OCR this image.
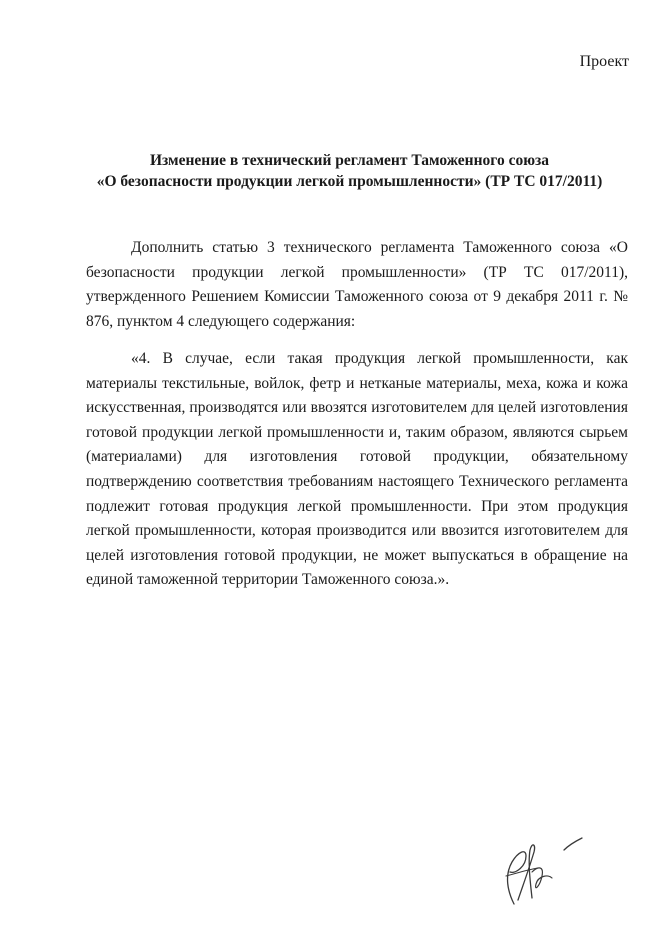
Проект
Изменение в технический регламент Таможенного союза
«О безопасности продукции легкой промышленности» (ТР ТС 017/2011)

Дополнить статью 3 технического регламента Таможенного союза «О безопасности продукции легкой промышленности» (ТР ТС 017/2011), утвержденного Решением Комиссии Таможенного союза от 9 декабря 2011 г. № 876, пунктом 4 следующего содержания:

«4. В случае, если такая продукция легкой промышленности, как материалы текстильные, войлок, фетр и нетканые материалы, меха, кожа и кожа искусственная, производятся или ввозятся изготовителем для целей изготовления готовой продукции легкой промышленности и, таким образом, являются сырьем (материалами) для изготовления готовой продукции, обязательному подтверждению соответствия требованиям настоящего Технического регламента подлежит готовая продукция легкой промышленности. При этом продукция легкой промышленности, которая производится или ввозится изготовителем для целей изготовления готовой продукции, не может выпускаться в обращение на единой таможенной территории Таможенного союза.».
